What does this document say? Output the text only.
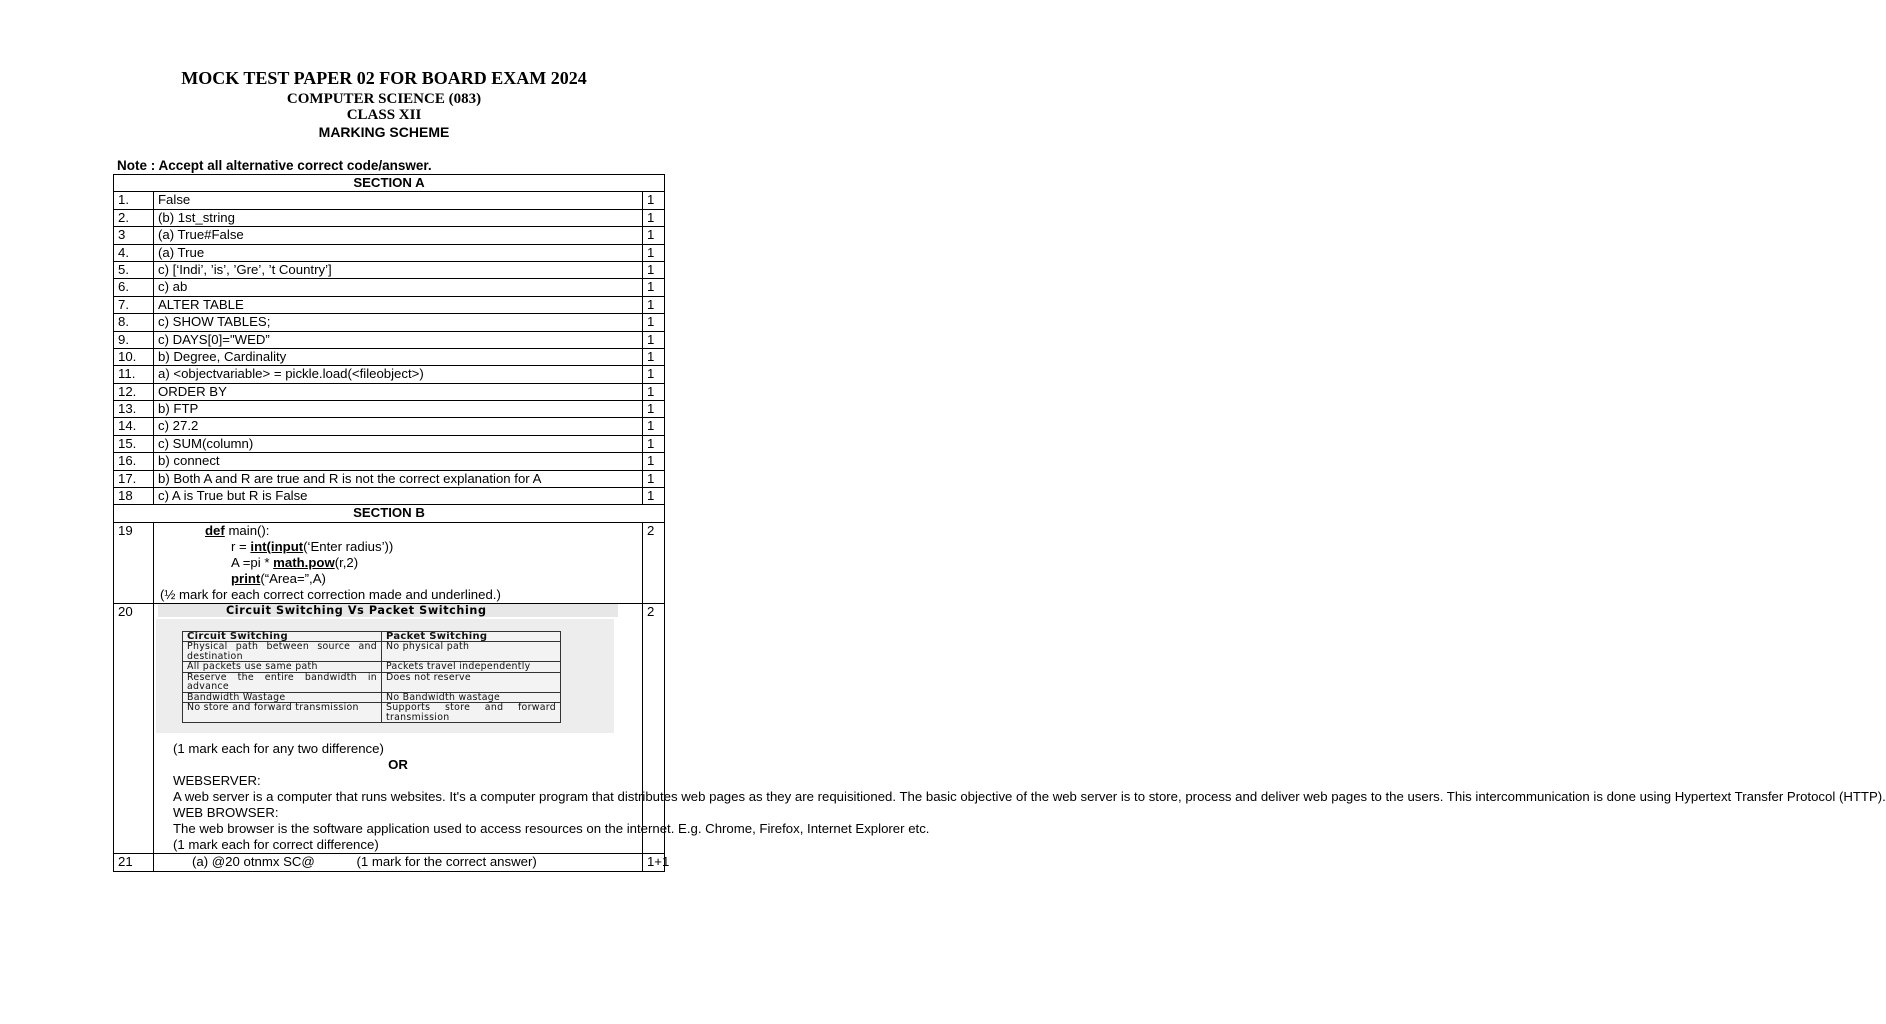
MOCK TEST PAPER 02 FOR BOARD EXAM 2024
COMPUTER SCIENCE (083)
CLASS XII
MARKING SCHEME
Note : Accept all alternative correct code/answer.
SECTION A
1.	False	1
2.	(b) 1st_string	1
3	(a) True#False	1
4.	(a) True	1
5.	c) [‘Indi’, ’is’, ’Gre’, ’t Country’]	1
6.	c) ab	1
7.	ALTER TABLE	1
8.	c) SHOW TABLES;	1
9.	c) DAYS[0]="WED”	1
10.	b) Degree, Cardinality	1
11.	a) <objectvariable> = pickle.load(<fileobject>)	1
12.	ORDER BY	1
13.	b) FTP	1
14.	c) 27.2	1
15.	c) SUM(column)	1
16.	b) connect	1
17.	b) Both A and R are true and R is not the correct explanation for A	1
18	c) A is True but R is False	1
SECTION B
19	def main():
r = int(input(‘Enter radius’))
A =pi * math.pow(r,2)
print(“Area=”,A)
(½ mark for each correct correction made and underlined.)
	2
20	Circuit Switching Vs Packet Switching
Circuit Switching	Packet Switching
Physical path between source and destination	No physical path
All packets use same path	Packets travel independently
Reserve the entire bandwidth in advance	Does not reserve
Bandwidth Wastage	No Bandwidth wastage
No store and forward transmission	Supports store and forward transmission
(1 mark each for any two difference)
OR
WEBSERVER:
A web server is a computer that runs websites. It's a computer program that distributes web pages as they are requisitioned. The basic objective of the web server is to store, process and deliver web pages to the users. This intercommunication is done using Hypertext Transfer Protocol (HTTP).
WEB BROWSER:
The web browser is the software application used to access resources on the internet. E.g. Chrome, Firefox, Internet Explorer etc.
(1 mark each for correct difference)
	2
21	(a) @20 otnmx SC@	(1 mark for the correct answer)	1+1
